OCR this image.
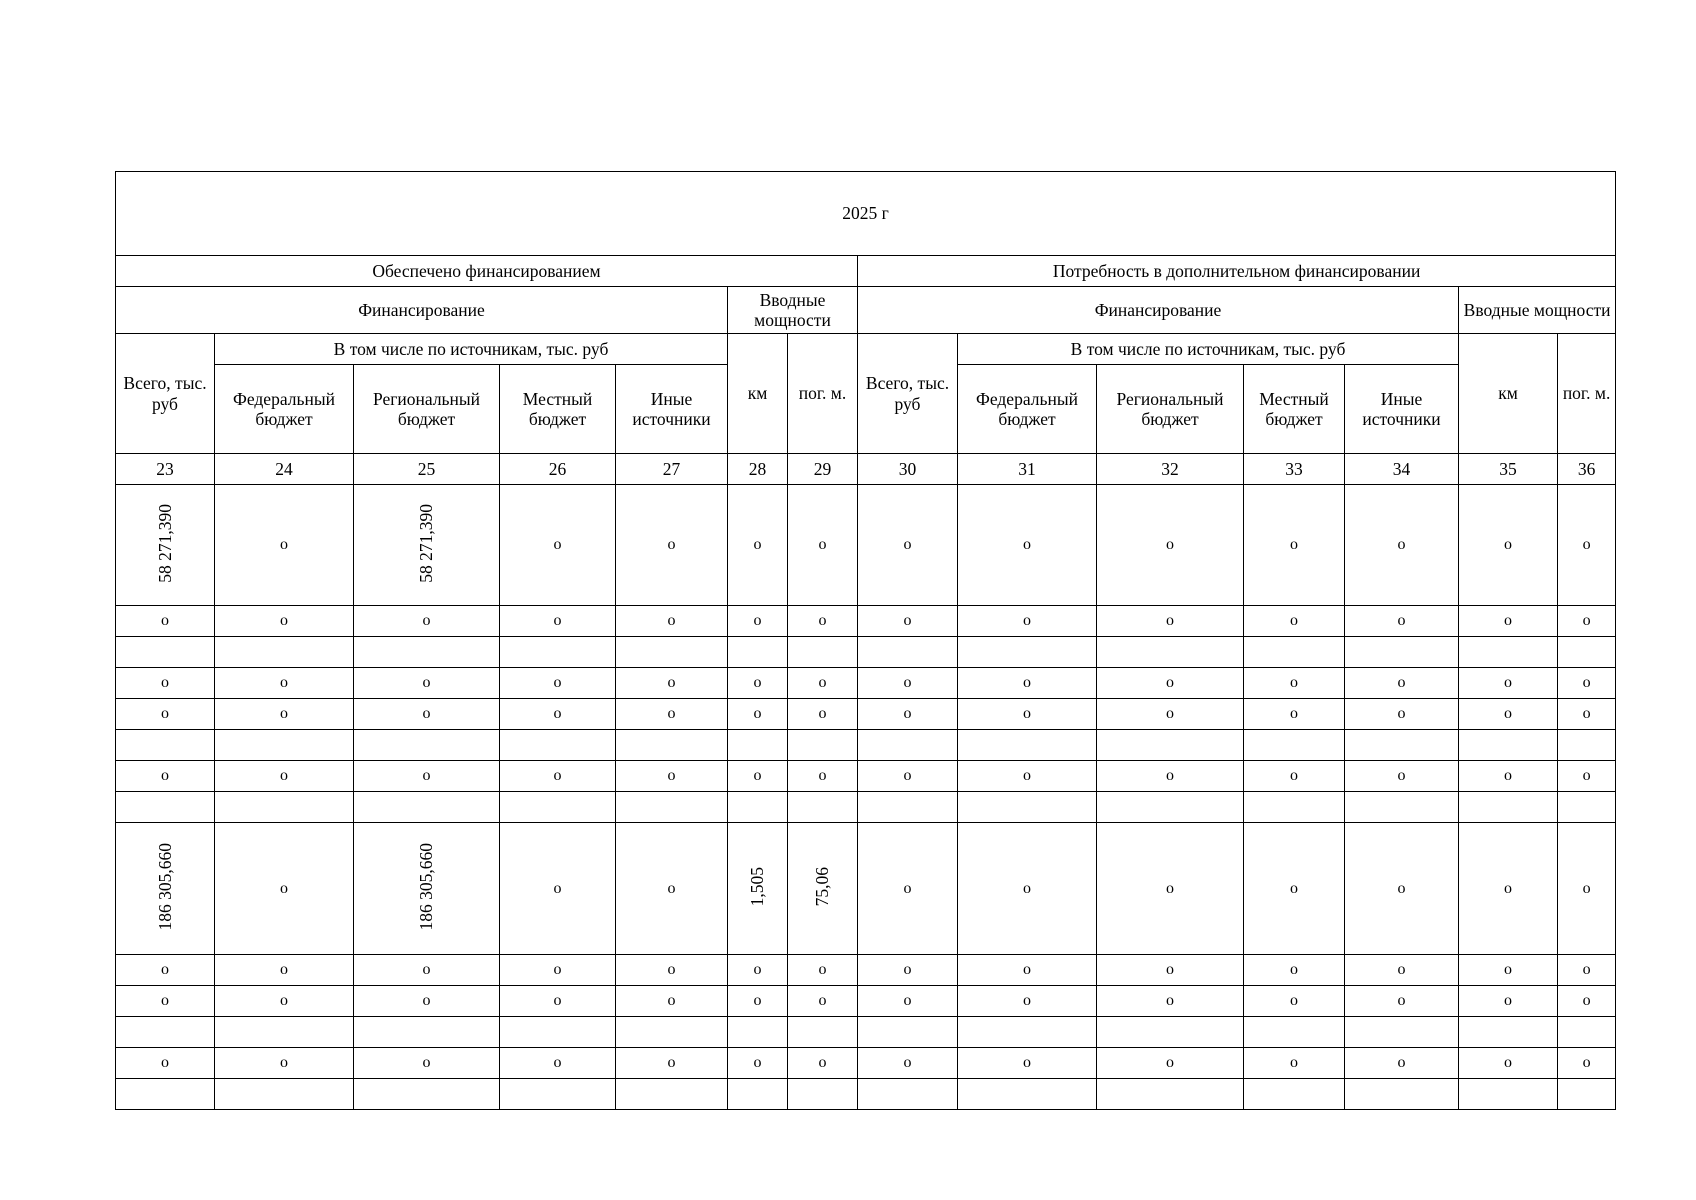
2025 г													
Обеспечено финансированием							Потребность в дополнительном финансировании						
Финансирование					Вводные мощности		Финансирование					Вводные мощности	
Всего, тыс. руб	В том числе по источникам, тыс. руб				км	пог. м.	Всего, тыс. руб	В том числе по источникам, тыс. руб				км	пог. м.
	Федеральный бюджет	Региональный бюджет	Местный бюджет	Иные источники				Федеральный бюджет	Региональный бюджет	Местный бюджет	Иные источники		
23	24	25	26	27	28	29	30	31	32	33	34	35	36
58 271,390	0	58 271,390	0	0	0	0	0	0	0	0	0	0	0
0	0	0	0	0	0	0	0	0	0	0	0	0	0

0	0	0	0	0	0	0	0	0	0	0	0	0	0
0	0	0	0	0	0	0	0	0	0	0	0	0	0

0	0	0	0	0	0	0	0	0	0	0	0	0	0

186 305,660	0	186 305,660	0	0	1,505	75,06	0	0	0	0	0	0	0
0	0	0	0	0	0	0	0	0	0	0	0	0	0
0	0	0	0	0	0	0	0	0	0	0	0	0	0

0	0	0	0	0	0	0	0	0	0	0	0	0	0
